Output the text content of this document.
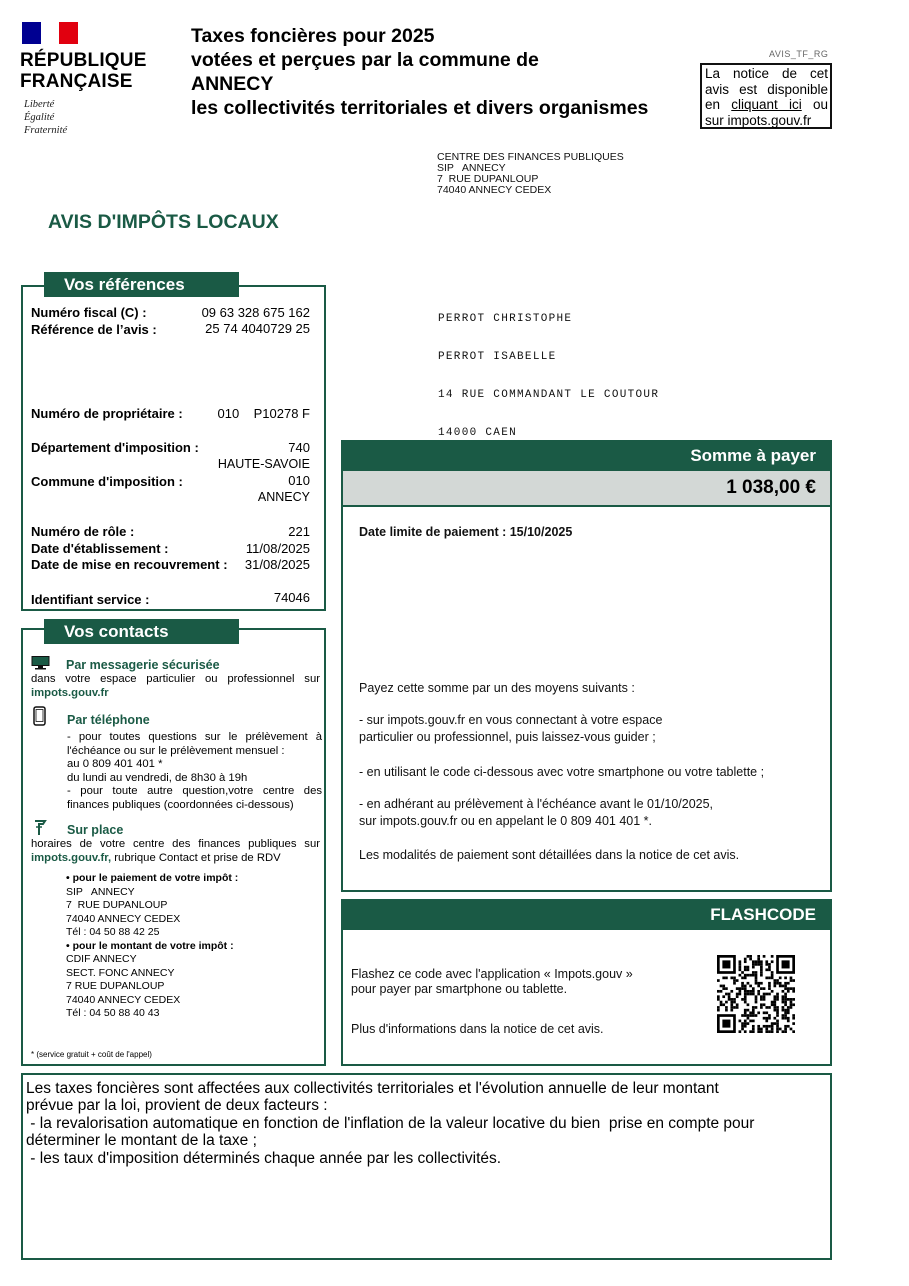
RÉPUBLIQUE
FRANÇAISE
Liberté
Égalité
Fraternité
Taxes foncières pour 2025
votées et perçues par la commune de
ANNECY
les collectivités territoriales et divers organismes
AVIS_TF_RG
La notice de cet
avis est disponible
en cliquant ici ou
sur impots.gouv.fr
CENTRE DES FINANCES PUBLIQUES
SIP   ANNECY
7  RUE DUPANLOUP
74040 ANNECY CEDEX
AVIS D'IMPÔTS LOCAUX
Vos références
Numéro fiscal (C) :	09 63 328 675 162
Référence de l’avis :	25 74 4040729 25
Numéro de propriétaire :	010    P10278 F
Département d'imposition :	740
HAUTE-SAVOIE
Commune d'imposition :	010
ANNECY
Numéro de rôle :	221
Date d'établissement :	11/08/2025
Date de mise en recouvrement : 31/08/2025
Identifiant service :	74046

PERROT CHRISTOPHE

PERROT ISABELLE

14 RUE COMMANDANT LE COUTOUR

14000 CAEN

Vos contacts
Par messagerie sécurisée
dans votre espace particulier ou professionnel sur
impots.gouv.fr
Par téléphone
- pour toutes questions sur le prélèvement à
l'échéance ou sur le prélèvement mensuel :
au 0 809 401 401 *
du lundi au vendredi, de 8h30 à 19h
- pour toute autre question,votre centre des
finances publiques (coordonnées ci-dessous)
Sur place
horaires de votre centre des finances publiques sur
impots.gouv.fr, rubrique Contact et prise de RDV
• pour le paiement de votre impôt :
SIP   ANNECY
7  RUE DUPANLOUP
74040 ANNECY CEDEX
Tél : 04 50 88 42 25
• pour le montant de votre impôt :
CDIF ANNECY
SECT. FONC ANNECY
7 RUE DUPANLOUP
74040 ANNECY CEDEX
Tél : 04 50 88 40 43
* (service gratuit + coût de l'appel)
Somme à payer
1 038,00 €
Date limite de paiement : 15/10/2025
Payez cette somme par un des moyens suivants :
- sur impots.gouv.fr en vous connectant à votre espace
particulier ou professionnel, puis laissez-vous guider ;
- en utilisant le code ci-dessous avec votre smartphone ou votre tablette ;
- en adhérant au prélèvement à l'échéance avant le 01/10/2025,
sur impots.gouv.fr ou en appelant le 0 809 401 401 *.
Les modalités de paiement sont détaillées dans la notice de cet avis.
FLASHCODE
Flashez ce code avec l'application « Impots.gouv »
pour payer par smartphone ou tablette.
Plus d'informations dans la notice de cet avis.
Les taxes foncières sont affectées aux collectivités territoriales et l'évolution annuelle de leur montant
prévue par la loi, provient de deux facteurs :
- la revalorisation automatique en fonction de l'inflation de la valeur locative du bien  prise en compte pour
déterminer le montant de la taxe ;
- les taux d'imposition déterminés chaque année par les collectivités.
